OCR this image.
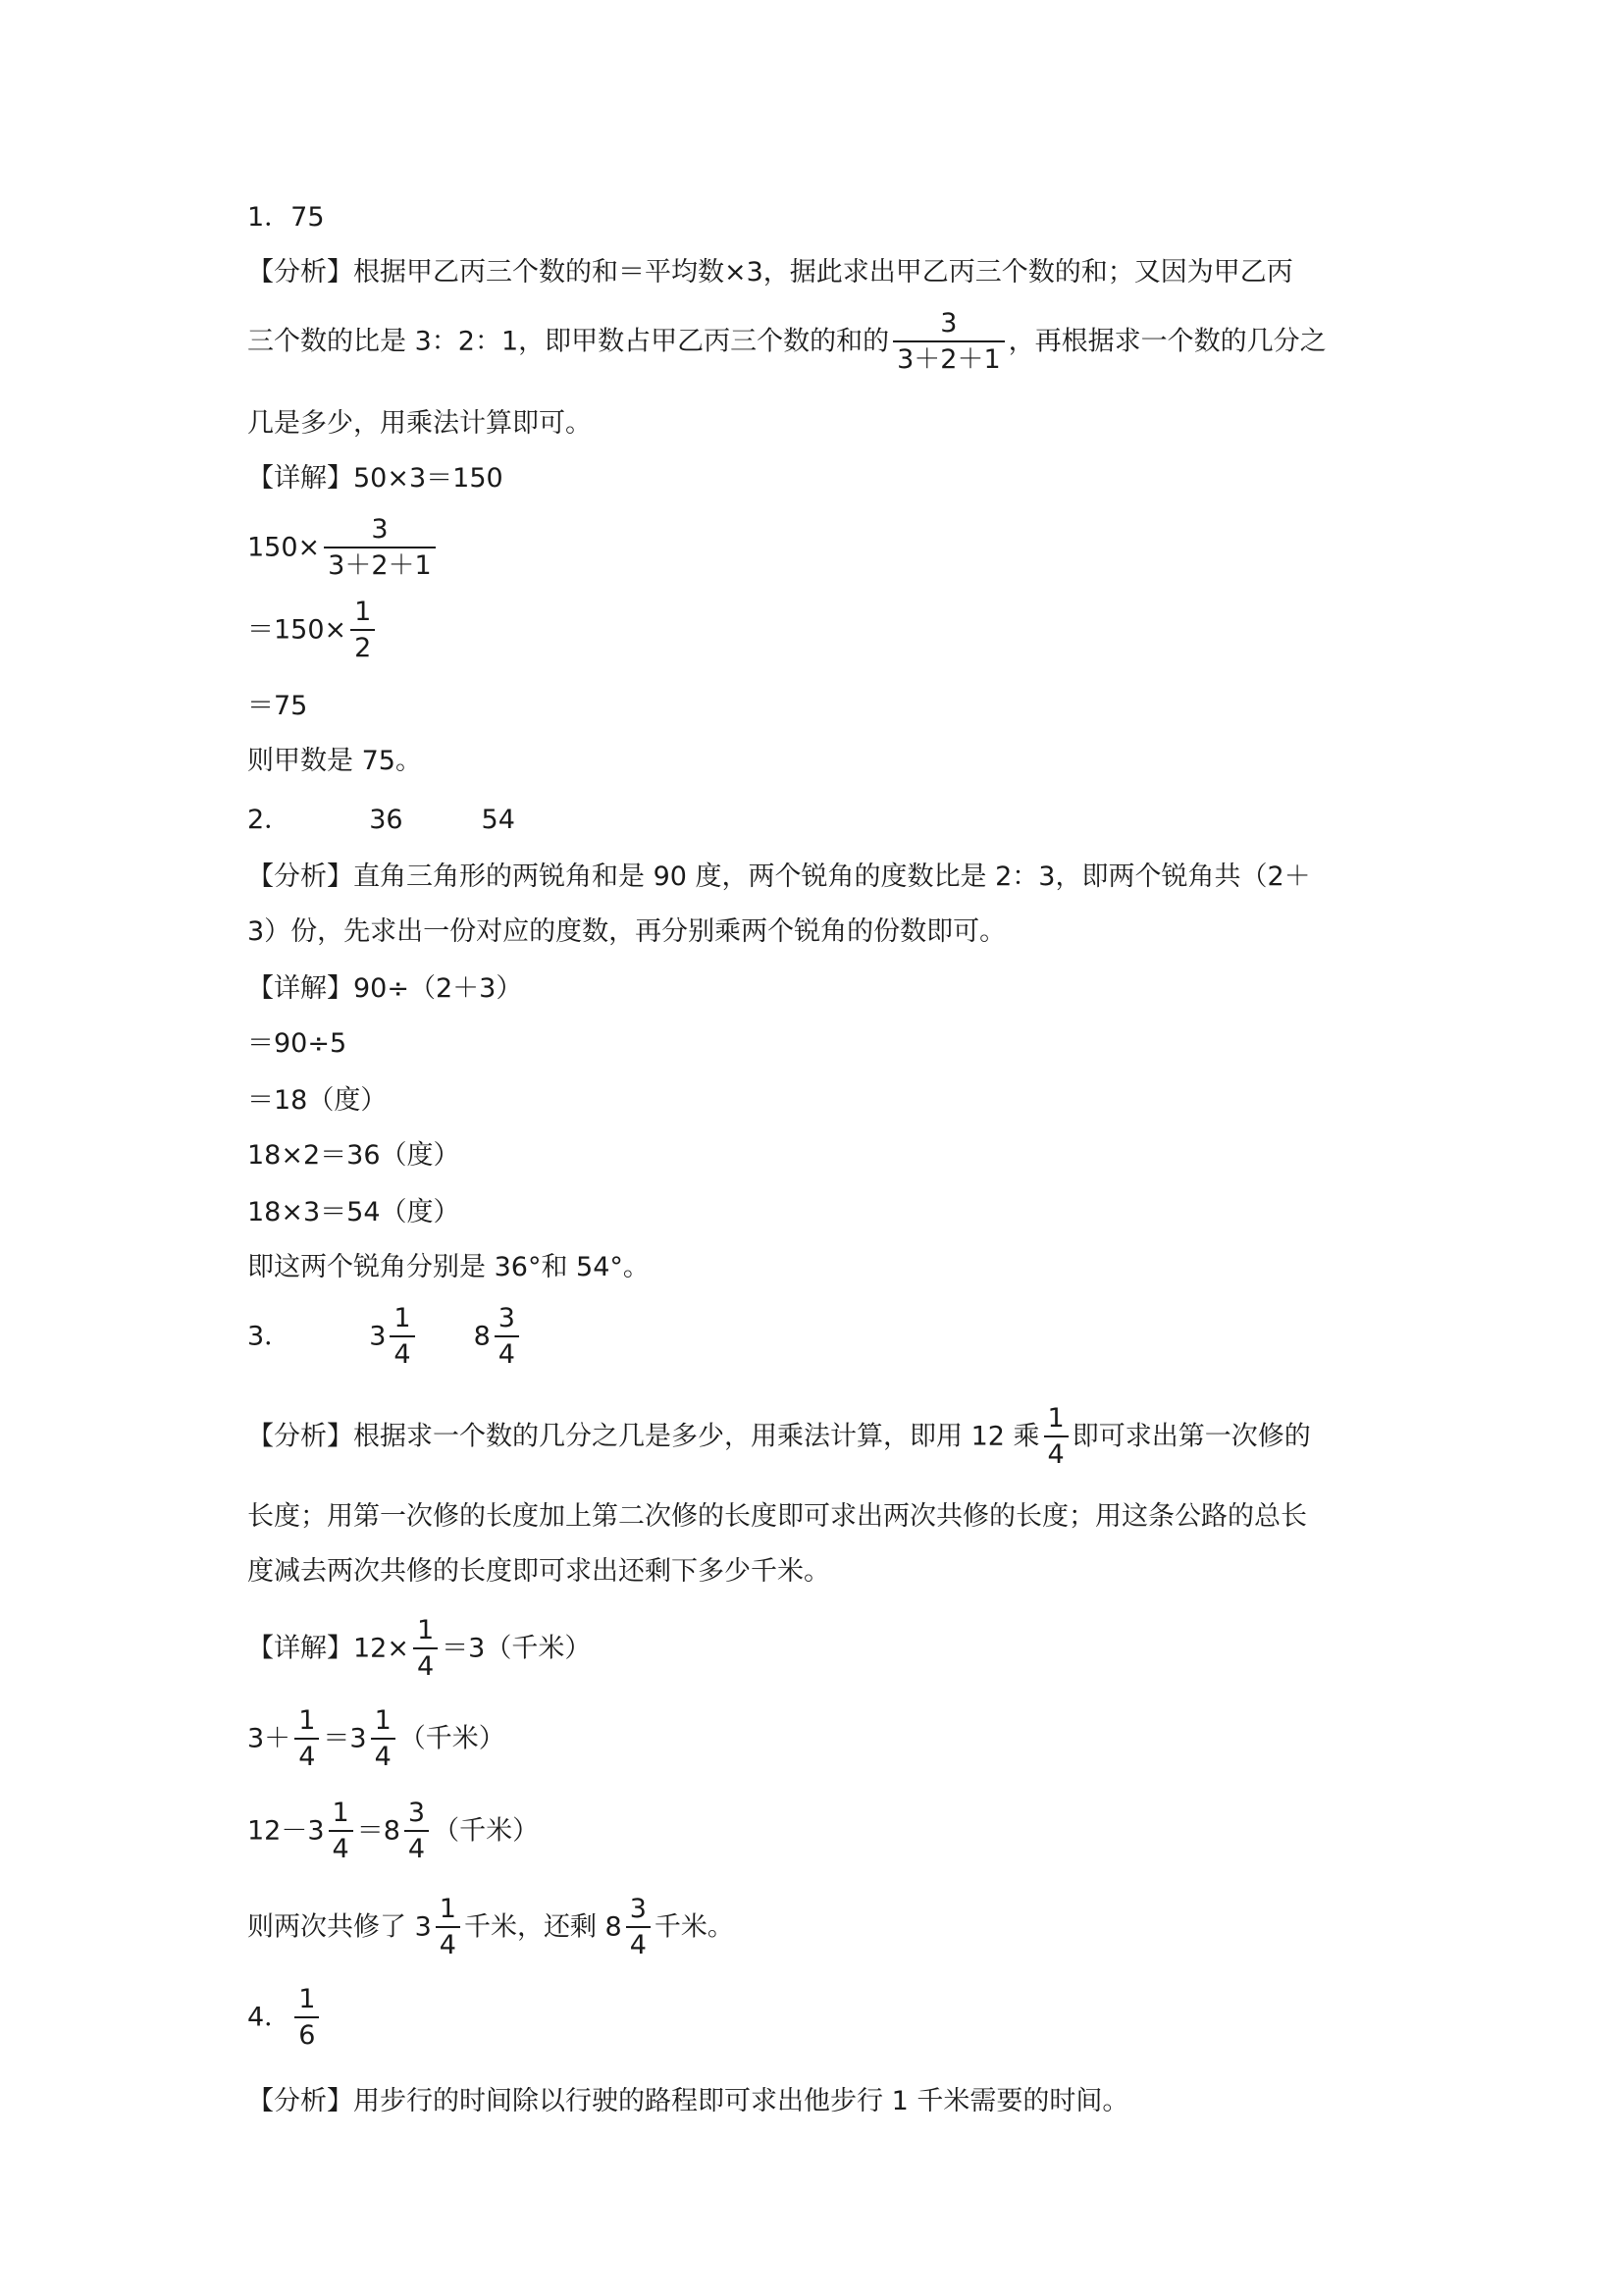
1．75
【分析】根据甲乙丙三个数的和＝平均数×3，据此求出甲乙丙三个数的和；又因为甲乙丙
三个数的比是 3：2：1，即甲数占甲乙丙三个数的和的 $\frac{3}{3+2+1}$ ，再根据求一个数的几分之
几是多少，用乘法计算即可。
【详解】50×3＝150
$150\times \frac{3}{3+2+1}$
$=150\times \frac{1}{2}$
＝75
则甲数是 75。
2．	36	54
【分析】直角三角形的两锐角和是 90 度，两个锐角的度数比是 2：3，即两个锐角共（2＋
3）份，先求出一份对应的度数，再分别乘两个锐角的份数即可。
【详解】90÷（2＋3）
＝90÷5
＝18（度）
18×2＝36（度）
18×3＝54（度）
即这两个锐角分别是 36°和 54°。
3．	$3 \frac{1}{4} 8 \frac{3}{4}$
【分析】根据求一个数的几分之几是多少，用乘法计算，即用 12 乘 $\frac{1}{4}$ 即可求出第一次修的
长度；用第一次修的长度加上第二次修的长度即可求出两次共修的长度；用这条公路的总长
度减去两次共修的长度即可求出还剩下多少千米。
【详解】$12\times \frac{1}{4} =3$（千米）
$3+ \frac{1}{4} =3 \frac{1}{4}$ （千米）
$12-3 \frac{1}{4} =8 \frac{3}{4}$ （千米）
则两次共修了 $3 \frac{1}{4}$ 千米，还剩 $8 \frac{3}{4}$ 千米。
4． $\frac{1}{6}$
【分析】用步行的时间除以行驶的路程即可求出他步行 1 千米需要的时间。
